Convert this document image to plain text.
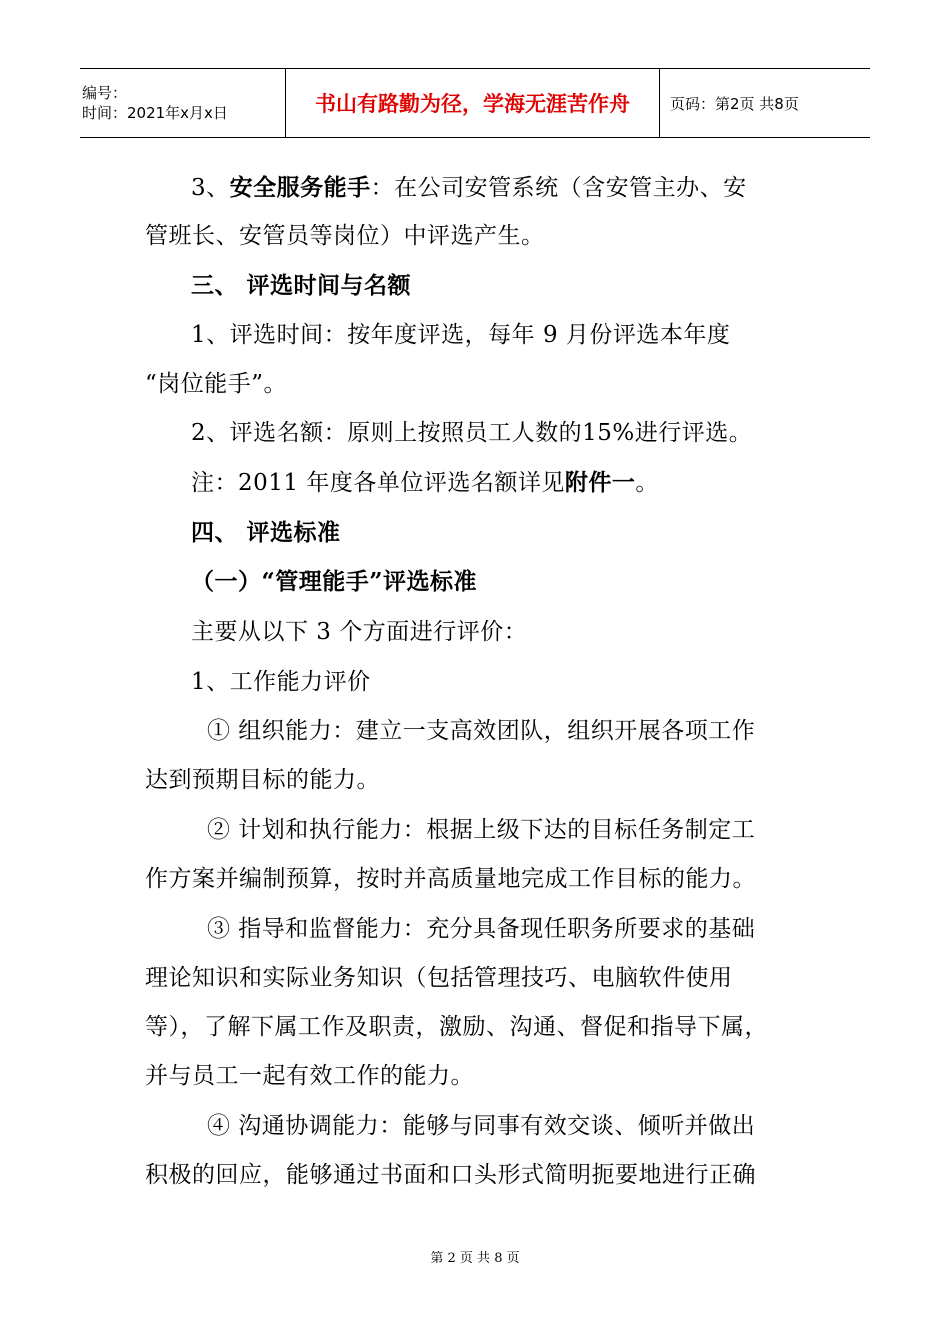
编号：
时间：2021年x月x日	书山有路勤为径，学海无涯苦作舟	页码：第2页 共8页
3、安全服务能手：在公司安管系统（含安管主办、安
管班长、安管员等岗位）中评选产生。
三、 评选时间与名额
1、评选时间：按年度评选，每年 9 月份评选本年度
“岗位能手”。
2、评选名额：原则上按照员工人数的15%进行评选。
注：2011 年度各单位评选名额详见附件一。
四、 评选标准
（一）“管理能手”评选标准
主要从以下 3 个方面进行评价：
1、工作能力评价
① 组织能力：建立一支高效团队，组织开展各项工作
达到预期目标的能力。
② 计划和执行能力：根据上级下达的目标任务制定工
作方案并编制预算，按时并高质量地完成工作目标的能力。
③ 指导和监督能力：充分具备现任职务所要求的基础
理论知识和实际业务知识（包括管理技巧、电脑软件使用
等），了解下属工作及职责，激励、沟通、督促和指导下属，
并与员工一起有效工作的能力。
④ 沟通协调能力：能够与同事有效交谈、倾听并做出
积极的回应，能够通过书面和口头形式简明扼要地进行正确
第 2 页 共 8 页
